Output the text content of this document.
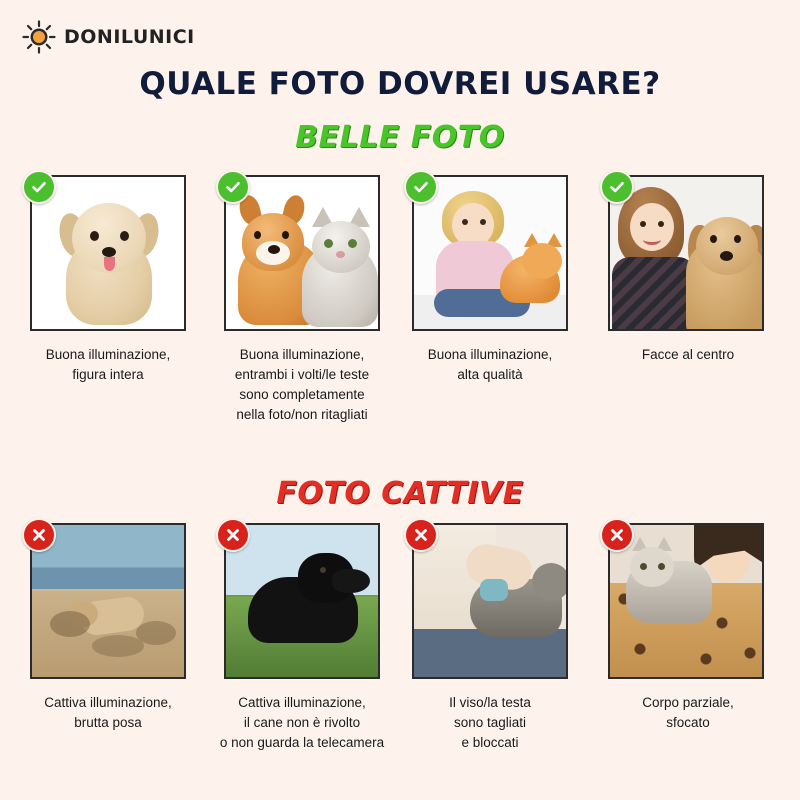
DONILUNICI
QUALE FOTO DOVREI USARE?
BELLE FOTO
Buona illuminazione,
figura intera
Buona illuminazione,
entrambi i volti/le teste
sono completamente
nella foto/non ritagliati
Buona illuminazione,
alta qualità
Facce al centro
FOTO CATTIVE
Cattiva illuminazione,
brutta posa
Cattiva illuminazione,
il cane non è rivolto
o non guarda la telecamera
Il viso/la testa
sono tagliati
e bloccati
Corpo parziale,
sfocato
